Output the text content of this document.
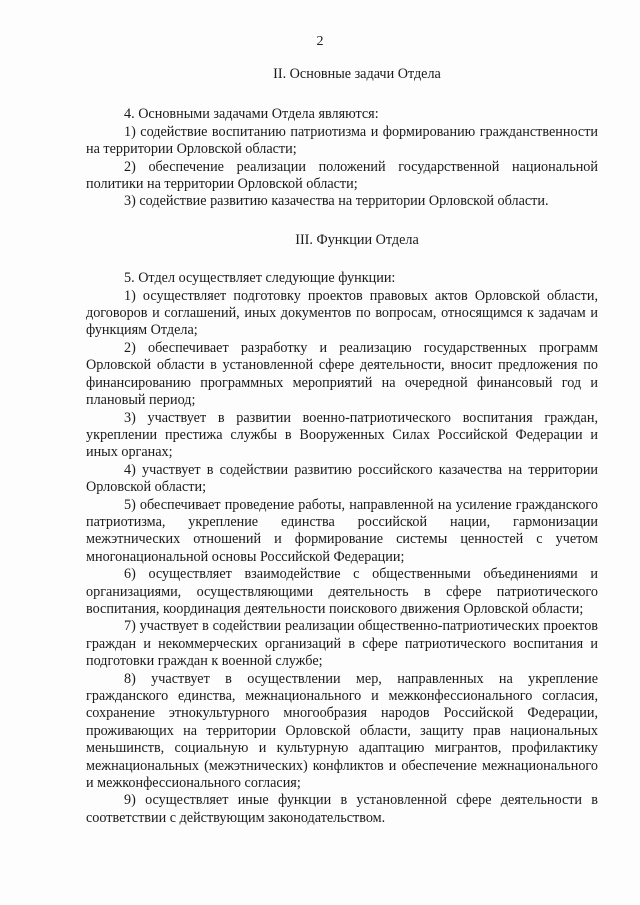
2
II. Основные задачи Отдела

4. Основными задачами Отдела являются:

1) содействие воспитанию патриотизма и формированию гражданственности на территории Орловской области;

2) обеспечение реализации положений государственной национальной политики на территории Орловской области;

3) содействие развитию казачества на территории Орловской области.

III. Функции Отдела

5. Отдел осуществляет следующие функции:

1) осуществляет подготовку проектов правовых актов Орловской области, договоров и соглашений, иных документов по вопросам, относящимся к задачам и функциям Отдела;

2) обеспечивает разработку и реализацию государственных программ Орловской области в установленной сфере деятельности, вносит предложения по финансированию программных мероприятий на очередной финансовый год и плановый период;

3) участвует в развитии военно-патриотического воспитания граждан, укреплении престижа службы в Вооруженных Силах Российской Федерации и иных органах;

4) участвует в содействии развитию российского казачества на территории Орловской области;

5) обеспечивает проведение работы, направленной на усиление гражданского патриотизма, укрепление единства российской нации, гармонизации межэтнических отношений и формирование системы ценностей с учетом многонациональной основы Российской Федерации;

6) осуществляет взаимодействие с общественными объединениями и организациями, осуществляющими деятельность в сфере патриотического воспитания, координация деятельности поискового движения Орловской области;

7) участвует в содействии реализации общественно-патриотических проектов граждан и некоммерческих организаций в сфере патриотического воспитания и подготовки граждан к военной службе;

8) участвует в осуществлении мер, направленных на укрепление гражданского единства, межнационального и межконфессионального согласия, сохранение этнокультурного многообразия народов Российской Федерации, проживающих на территории Орловской области, защиту прав национальных меньшинств, социальную и культурную адаптацию мигрантов, профилактику межнациональных (межэтнических) конфликтов и обеспечение межнационального и межконфессионального согласия;

9) осуществляет иные функции в установленной сфере деятельности в соответствии с действующим законодательством.
